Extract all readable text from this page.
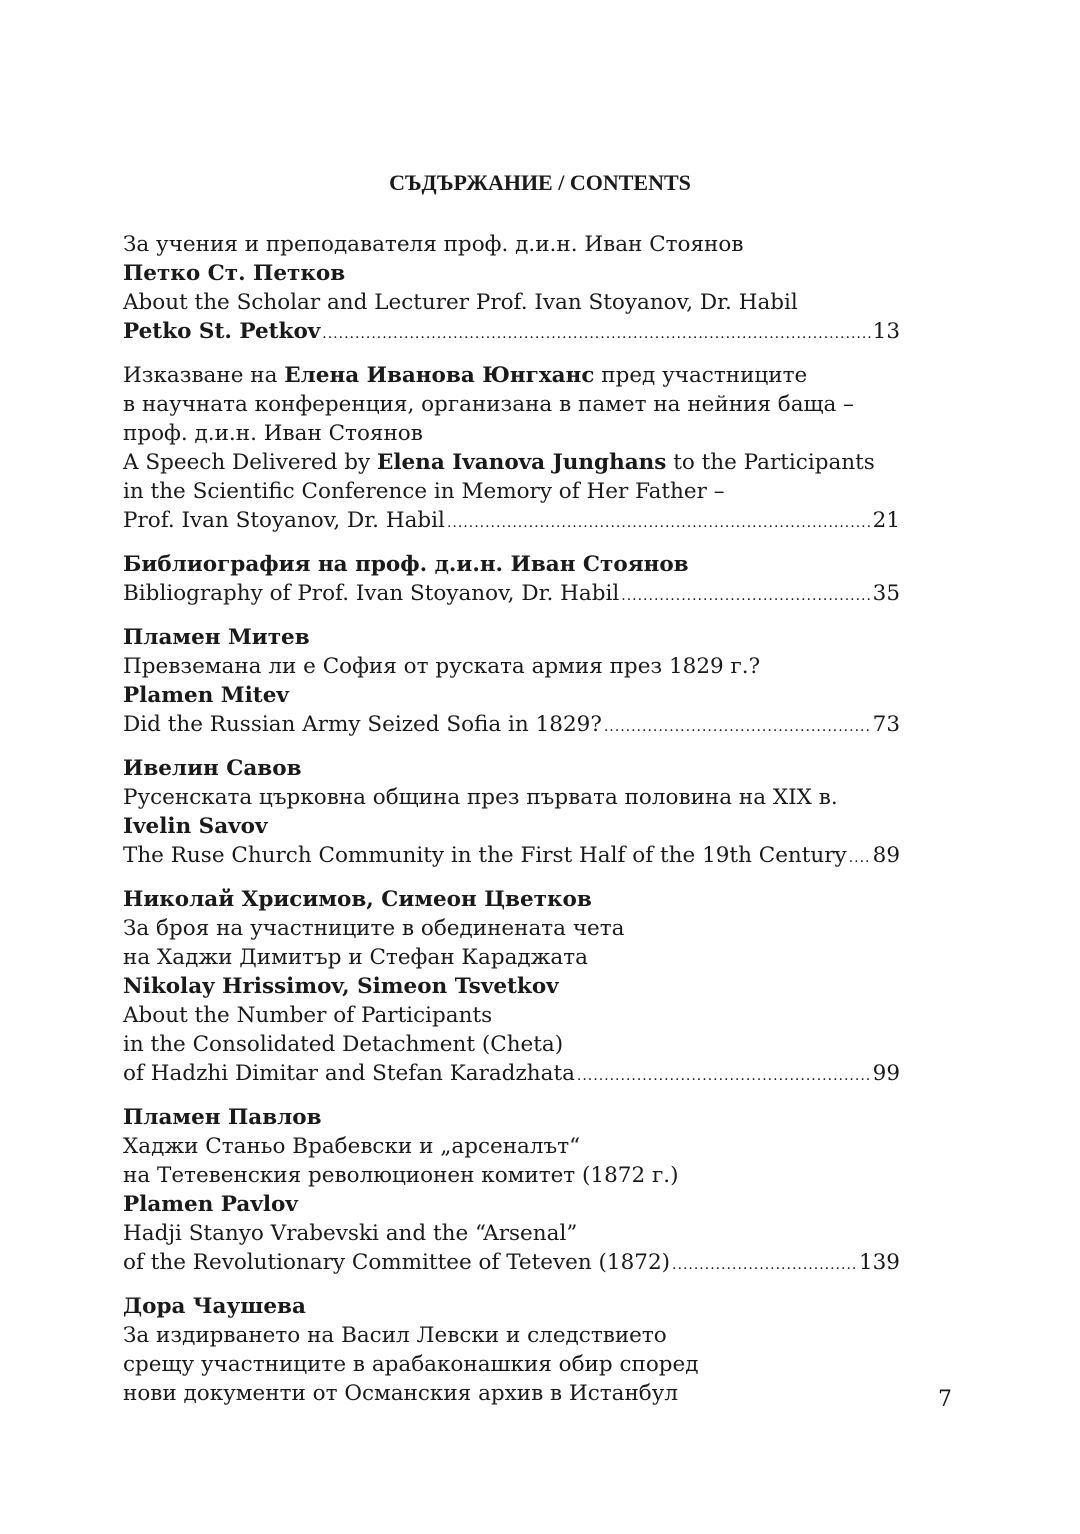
СЪДЪРЖАНИЕ / CONTENTS
За учения и преподавателя проф. д.и.н. Иван Стоянов
Петко Ст. Петков
About the Scholar and Lecturer Prof. Ivan Stoyanov, Dr. Habil
Petko St. Petkov .....	13
Изказване на Елена Иванова Юнгханс пред участниците
в научната конференция, организана в памет на нейния баща –
проф. д.и.н. Иван Стоянов
A Speech Delivered by Elena Ivanova Junghans to the Participants
in the Scientific Conference in Memory of Her Father –
Prof. Ivan Stoyanov, Dr. Habil .....	21
Библиография на проф. д.и.н. Иван Стоянов
Bibliography of Prof. Ivan Stoyanov, Dr. Habil .....	35
Пламен Митев
Превземана ли е София от руската армия през 1829 г.?
Plamen Mitev
Did the Russian Army Seized Sofia in 1829? .....	73
Ивелин Савов
Русенската църковна община през първата половина на XIX в.
Ivelin Savov
The Ruse Church Community in the First Half of the 19th Century ..... 89
Николай Хрисимов, Симеон Цветков
За броя на участниците в обединената чета
на Хаджи Димитър и Стефан Караджата
Nikolay Hrissimov, Simeon Tsvetkov
About the Number of Participants
in the Consolidated Detachment (Cheta)
of Hadzhi Dimitar and Stefan Karadzhata .....	99
Пламен Павлов
Хаджи Станьо Врабевски и „арсеналът“
на Тетевенския революционен комитет (1872 г.)
Plamen Pavlov
Hadji Stanyo Vrabevski and the “Arsenal”
of the Revolutionary Committee of Teteven (1872) .....	139
Дора Чаушева
За издирването на Васил Левски и следствието
срещу участниците в арабаконашкия обир според
нови документи от Османския архив в Истанбул	7
